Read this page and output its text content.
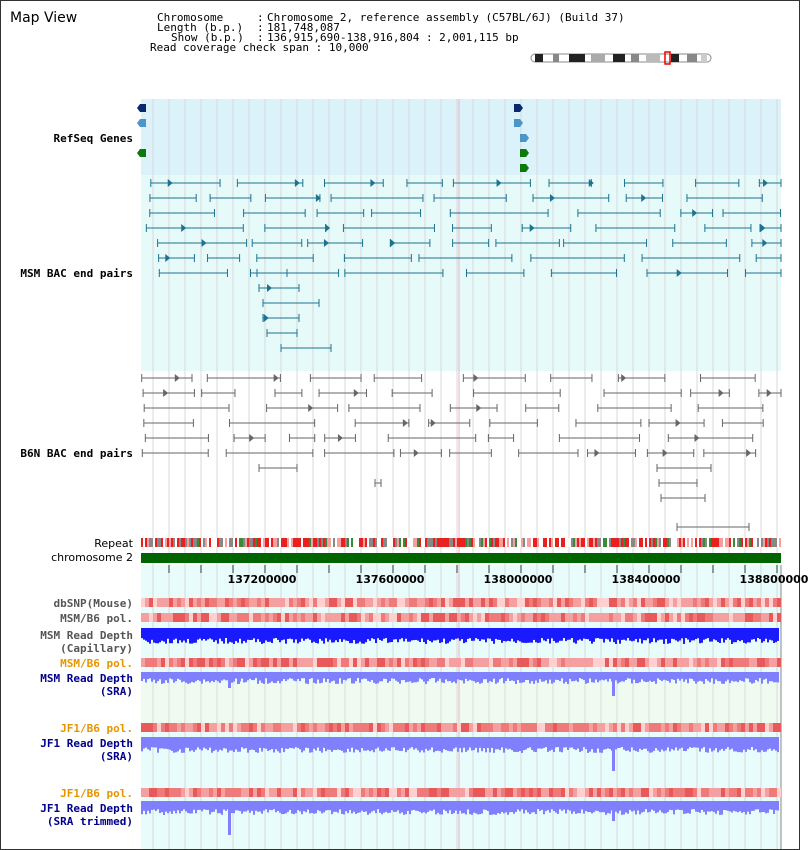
Map View	Chromosome	: Chromosome 2, reference assembly (C57BL/6J) (Build 37)
Length (b.p.) : 181,748,087
Show (b.p.) : 136,915,690-138,916,804 : 2,001,115 bp
Read coverage check span : 10,000
RefSeq Genes
MSM BAC end pairs
B6N BAC end pairs
Repeat
chromosome 2
137200000	137600000	138000000	138400000	138800000
dbSNP(Mouse)
MSM/B6 pol.
MSM Read Depth
(Capillary)
MSM/B6 pol.
MSM Read Depth
(SRA)
JF1/B6 pol.
JF1 Read Depth
(SRA)
JF1/B6 pol.
JF1 Read Depth
(SRA trimmed)
